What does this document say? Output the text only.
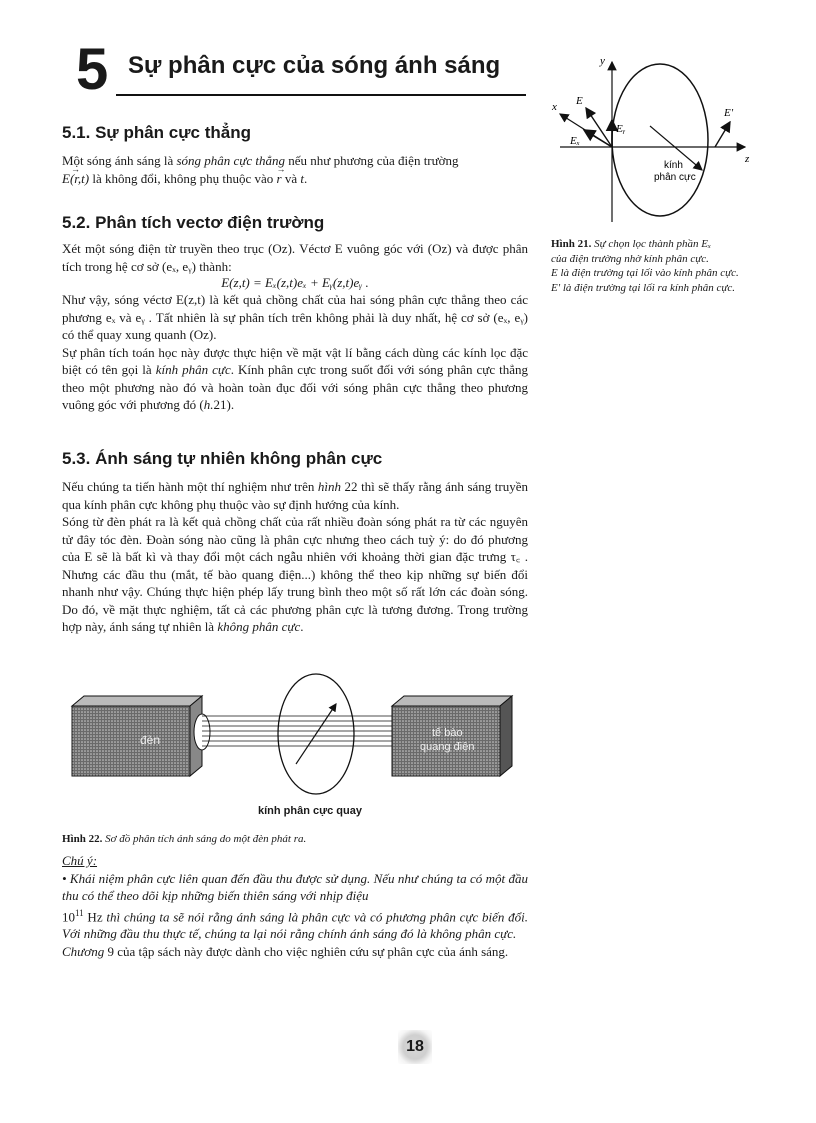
5 Sự phân cực của sóng ánh sáng
5.1. Sự phân cực thẳng

Một sóng ánh sáng là sóng phân cực thẳng nếu như phương của điện trường

→ E(r,t) là không đổi, không phụ thuộc vào → r và t.

5.2. Phân tích vectơ điện trường

Xét một sóng điện từ truyền theo trục (Oz). Véctơ E vuông góc với (Oz) và được phân tích trong hệ cơ sở (eₓ, eᵧ) thành:

E(z,t) = Eₓ(z,t)eₓ + Eᵧ(z,t)eᵧ .

Như vậy, sóng véctơ E(z,t) là kết quả chồng chất của hai sóng phân cực thẳng theo các phương eₓ và eᵧ . Tất nhiên là sự phân tích trên không phải là duy nhất, hệ cơ sở (eₓ, eᵧ) có thể quay xung quanh (Oz).

Sự phân tích toán học này được thực hiện về mặt vật lí bằng cách dùng các kính lọc đặc biệt có tên gọi là kính phân cực. Kính phân cực trong suốt đối với sóng phân cực thẳng theo một phương nào đó và hoàn toàn đục đối với sóng phân cực thẳng theo phương vuông góc với phương đó (h.21).

5.3. Ánh sáng tự nhiên không phân cực

Nếu chúng ta tiến hành một thí nghiệm như trên hình 22 thì sẽ thấy rằng ánh sáng truyền qua kính phân cực không phụ thuộc vào sự định hướng của kính.

Sóng từ đèn phát ra là kết quả chồng chất của rất nhiều đoàn sóng phát ra từ các nguyên tử đây tóc đèn. Đoàn sóng nào cũng là phân cực nhưng theo cách tuỳ ý: do đó phương của E sẽ là bất kì và thay đổi một cách ngẫu nhiên với khoảng thời gian đặc trưng τ꜀ . Nhưng các đầu thu (mắt, tế bào quang điện...) không thể theo kịp những sự biến đổi nhanh như vậy. Chúng thực hiện phép lấy trung bình theo một số rất lớn các đoàn sóng. Do đó, về mặt thực nghiệm, tất cả các phương phân cực là tương đương. Trong trường hợp này, ánh sáng tự nhiên là không phân cực.

y
x
z
E
Eₓ
Eᵧ
E'
kính
phân cực
Hình 21. Sự chọn lọc thành phần Eₓ
của điện trường nhờ kính phân cực.
E là điện trường tại lối vào kính phân cực.
E' là điện trường tại lối ra kính phân cực.
đèn	tế bào
quang điện
kính phân cực quay
Hình 22. Sơ đồ phân tích ánh sáng do một đèn phát ra.

Chú ý:

• Khái niệm phân cực liên quan đến đầu thu được sử dụng. Nếu như chúng ta có một đầu thu có thể theo dõi kịp những biến thiên sáng với nhịp điệu

$10^{11}$ Hz thì chúng ta sẽ nói rằng ánh sáng là phân cực và có phương phân cực biến đổi. Với những đầu thu thực tế, chúng ta lại nói rằng chính ánh sáng đó là không phân cực.

Chương 9 của tập sách này được dành cho việc nghiên cứu sự phân cực của ánh sáng.

18
